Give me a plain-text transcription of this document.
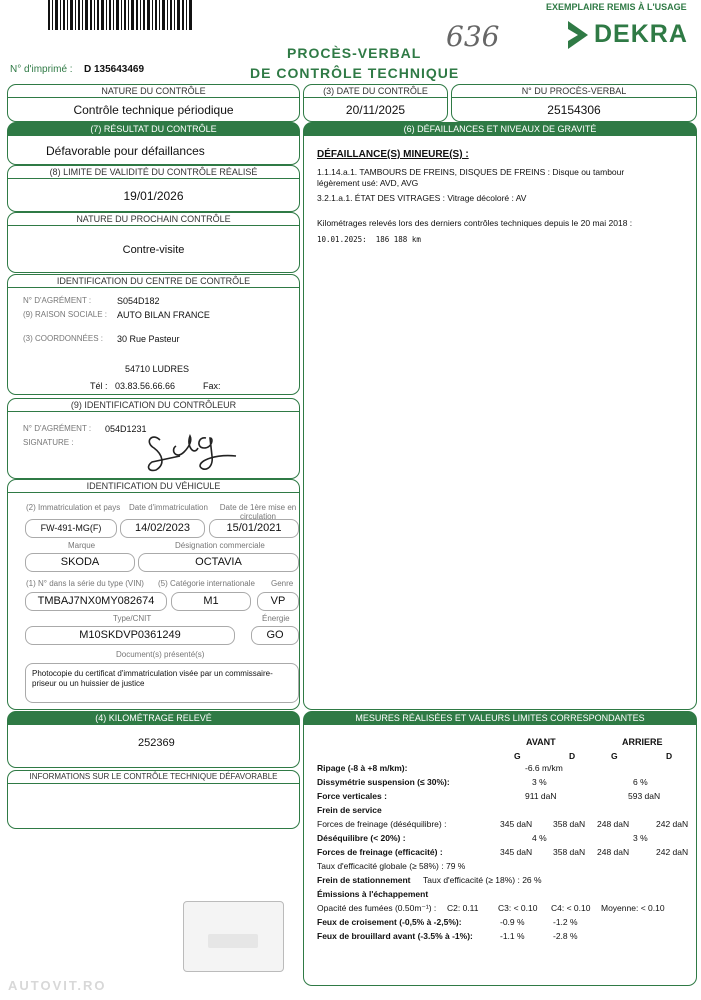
EXEMPLAIRE REMIS À L'USAGE
DEKRA
636
PROCÈS-VERBAL
DE CONTRÔLE TECHNIQUE
N° d'imprimé : D 135643469
NATURE DU CONTRÔLE
Contrôle technique périodique
(3) DATE DU CONTRÔLE
20/11/2025
N° DU PROCÈS-VERBAL
25154306
(7) RÉSULTAT DU CONTRÔLE
Défavorable pour défaillances
(8) LIMITE DE VALIDITÉ DU CONTRÔLE RÉALISÉ
19/01/2026
NATURE DU PROCHAIN CONTRÔLE
Contre-visite
IDENTIFICATION DU CENTRE DE CONTRÔLE
N° D'AGRÉMENT :	S054D182
(9) RAISON SOCIALE : AUTO BILAN FRANCE
(3) COORDONNÉES : 30 Rue Pasteur
54710 LUDRES
Tél : 03.83.56.66.66	Fax:
(9) IDENTIFICATION DU CONTRÔLEUR
N° D'AGRÉMENT : 054D1231
SIGNATURE :
IDENTIFICATION DU VÉHICULE
(2) Immatriculation et pays Date d'immatriculation Date de 1ère mise en circulation
FW-491-MG(F)	14/02/2023	15/01/2021
Marque	Désignation commerciale
SKODA	OCTAVIA
(1) N° dans la série du type (VIN) (5) Catégorie internationale Genre
TMBAJ7NX0MY082674	M1	VP
Type/CNIT	Énergie
M10SKDVP0361249	GO
Document(s) présenté(s)
Photocopie du certificat d'immatriculation visée par un commissaire-priseur ou un huissier de justice
(4) KILOMÉTRAGE RELEVÉ
252369
INFORMATIONS SUR LE CONTRÔLE TECHNIQUE DÉFAVORABLE
(6) DÉFAILLANCES ET NIVEAUX DE GRAVITÉ
DÉFAILLANCE(S) MINEURE(S) :
1.1.14.a.1. TAMBOURS DE FREINS, DISQUES DE FREINS : Disque ou tambour légèrement usé: AVD, AVG
3.2.1.a.1. ÉTAT DES VITRAGES : Vitrage décoloré : AV
Kilométrages relevés lors des derniers contrôles techniques depuis le 20 mai 2018 :
10.01.2025:  186 188 km
MESURES RÉALISÉES ET VALEURS LIMITES CORRESPONDANTES
AVANT	ARRIERE
G	D	G	D
Ripage (-8 à +8 m/km):	-6.6 m/km
Dissymétrie suspension (≤ 30%):	3 %	6 %
Force verticales :	911 daN	593 daN
Frein de service
Forces de freinage (déséquilibre) :	345 daN 358 daN 248 daN	242 daN
Déséquilibre (< 20%) :	4 %	3 %
Forces de freinage (efficacité) :	345 daN 358 daN 248 daN	242 daN
Taux d'efficacité globale (≥ 58%) : 79 %
Frein de stationnement Taux d'efficacité (≥ 18%) : 26 %
Émissions à l'échappement
Opacité des fumées (0.50m⁻¹) : C2: 0.11 C3: < 0.10 C4: < 0.10 Moyenne: < 0.10
Feux de croisement (-0,5% à -2,5%):	-0.9 %	-1.2 %
Feux de brouillard avant (-3.5% à -1%):	-1.1 %	-2.8 %
AUTOVIT.RO
